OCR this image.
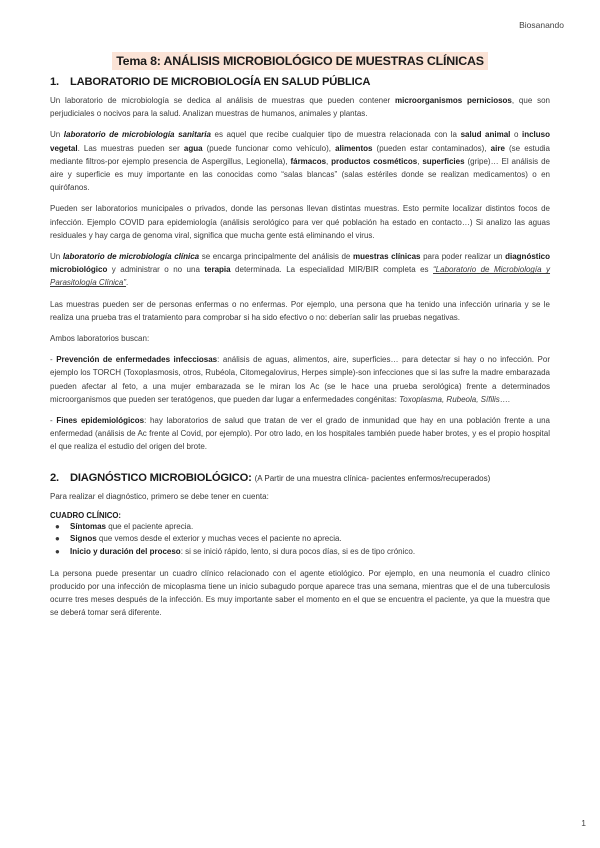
Biosanando
Tema 8: ANÁLISIS MICROBIOLÓGICO DE MUESTRAS CLÍNICAS
1. LABORATORIO DE MICROBIOLOGÍA EN SALUD PÚBLICA

Un laboratorio de microbiología se dedica al análisis de muestras que pueden contener microorganismos perniciosos, que son perjudiciales o nocivos para la salud. Analizan muestras de humanos, animales y plantas.

Un laboratorio de microbiología sanitaria es aquel que recibe cualquier tipo de muestra relacionada con la salud animal o incluso vegetal. Las muestras pueden ser agua (puede funcionar como vehículo), alimentos (pueden estar contaminados), aire (se estudia mediante filtros-por ejemplo presencia de Aspergillus, Legionella), fármacos, productos cosméticos, superficies (gripe)… El análisis de aire y superficie es muy importante en las conocidas como “salas blancas” (salas estériles donde se realizan medicamentos) o en quirófanos.

Pueden ser laboratorios municipales o privados, donde las personas llevan distintas muestras. Esto permite localizar distintos focos de infección. Ejemplo COVID para epidemiología (análisis serológico para ver qué población ha estado en contacto…) Si analizo las aguas residuales y hay carga de genoma viral, significa que mucha gente está eliminando el virus.

Un laboratorio de microbiología clínica se encarga principalmente del análisis de muestras clínicas para poder realizar un diagnóstico microbiológico y administrar o no una terapia determinada. La especialidad MIR/BIR completa es “Laboratorio de Microbiología y Parasitología Clínica”.

Las muestras pueden ser de personas enfermas o no enfermas. Por ejemplo, una persona que ha tenido una infección urinaria y se le realiza una prueba tras el tratamiento para comprobar si ha sido efectivo o no: deberían salir las pruebas negativas.

Ambos laboratorios buscan:

- Prevención de enfermedades infecciosas: análisis de aguas, alimentos, aire, superficies… para detectar si hay o no infección. Por ejemplo los TORCH (Toxoplasmosis, otros, Rubéola, Citomegalovirus, Herpes simple)-son infecciones que si las sufre la madre embarazada pueden afectar al feto, a una mujer embarazada se le miran los Ac (se le hace una prueba serológica) frente a determinados microorganismos que pueden ser teratógenos, que pueden dar lugar a enfermedades congénitas: Toxoplasma, Rubeola, Sífilis….

- Fines epidemiológicos: hay laboratorios de salud que tratan de ver el grado de inmunidad que hay en una población frente a una enfermedad (análisis de Ac frente al Covid, por ejemplo). Por otro lado, en los hospitales también puede haber brotes, y es el propio hospital el que realiza el estudio del origen del brote.

2. DIAGNÓSTICO MICROBIOLÓGICO: (A Partir de una muestra clínica- pacientes enfermos/recuperados)

Para realizar el diagnóstico, primero se debe tener en cuenta:

CUADRO CLÍNICO:
● Síntomas que el paciente aprecia.
● Signos que vemos desde el exterior y muchas veces el paciente no aprecia.
● Inicio y duración del proceso: si se inició rápido, lento, si dura pocos días, si es de tipo crónico.

La persona puede presentar un cuadro clínico relacionado con el agente etiológico. Por ejemplo, en una neumonía el cuadro clínico producido por una infección de micoplasma tiene un inicio subagudo porque aparece tras una semana, mientras que el de una tuberculosis ocurre tres meses después de la infección. Es muy importante saber el momento en el que se encuentra el paciente, ya que la muestra que se deberá tomar será diferente.

1
